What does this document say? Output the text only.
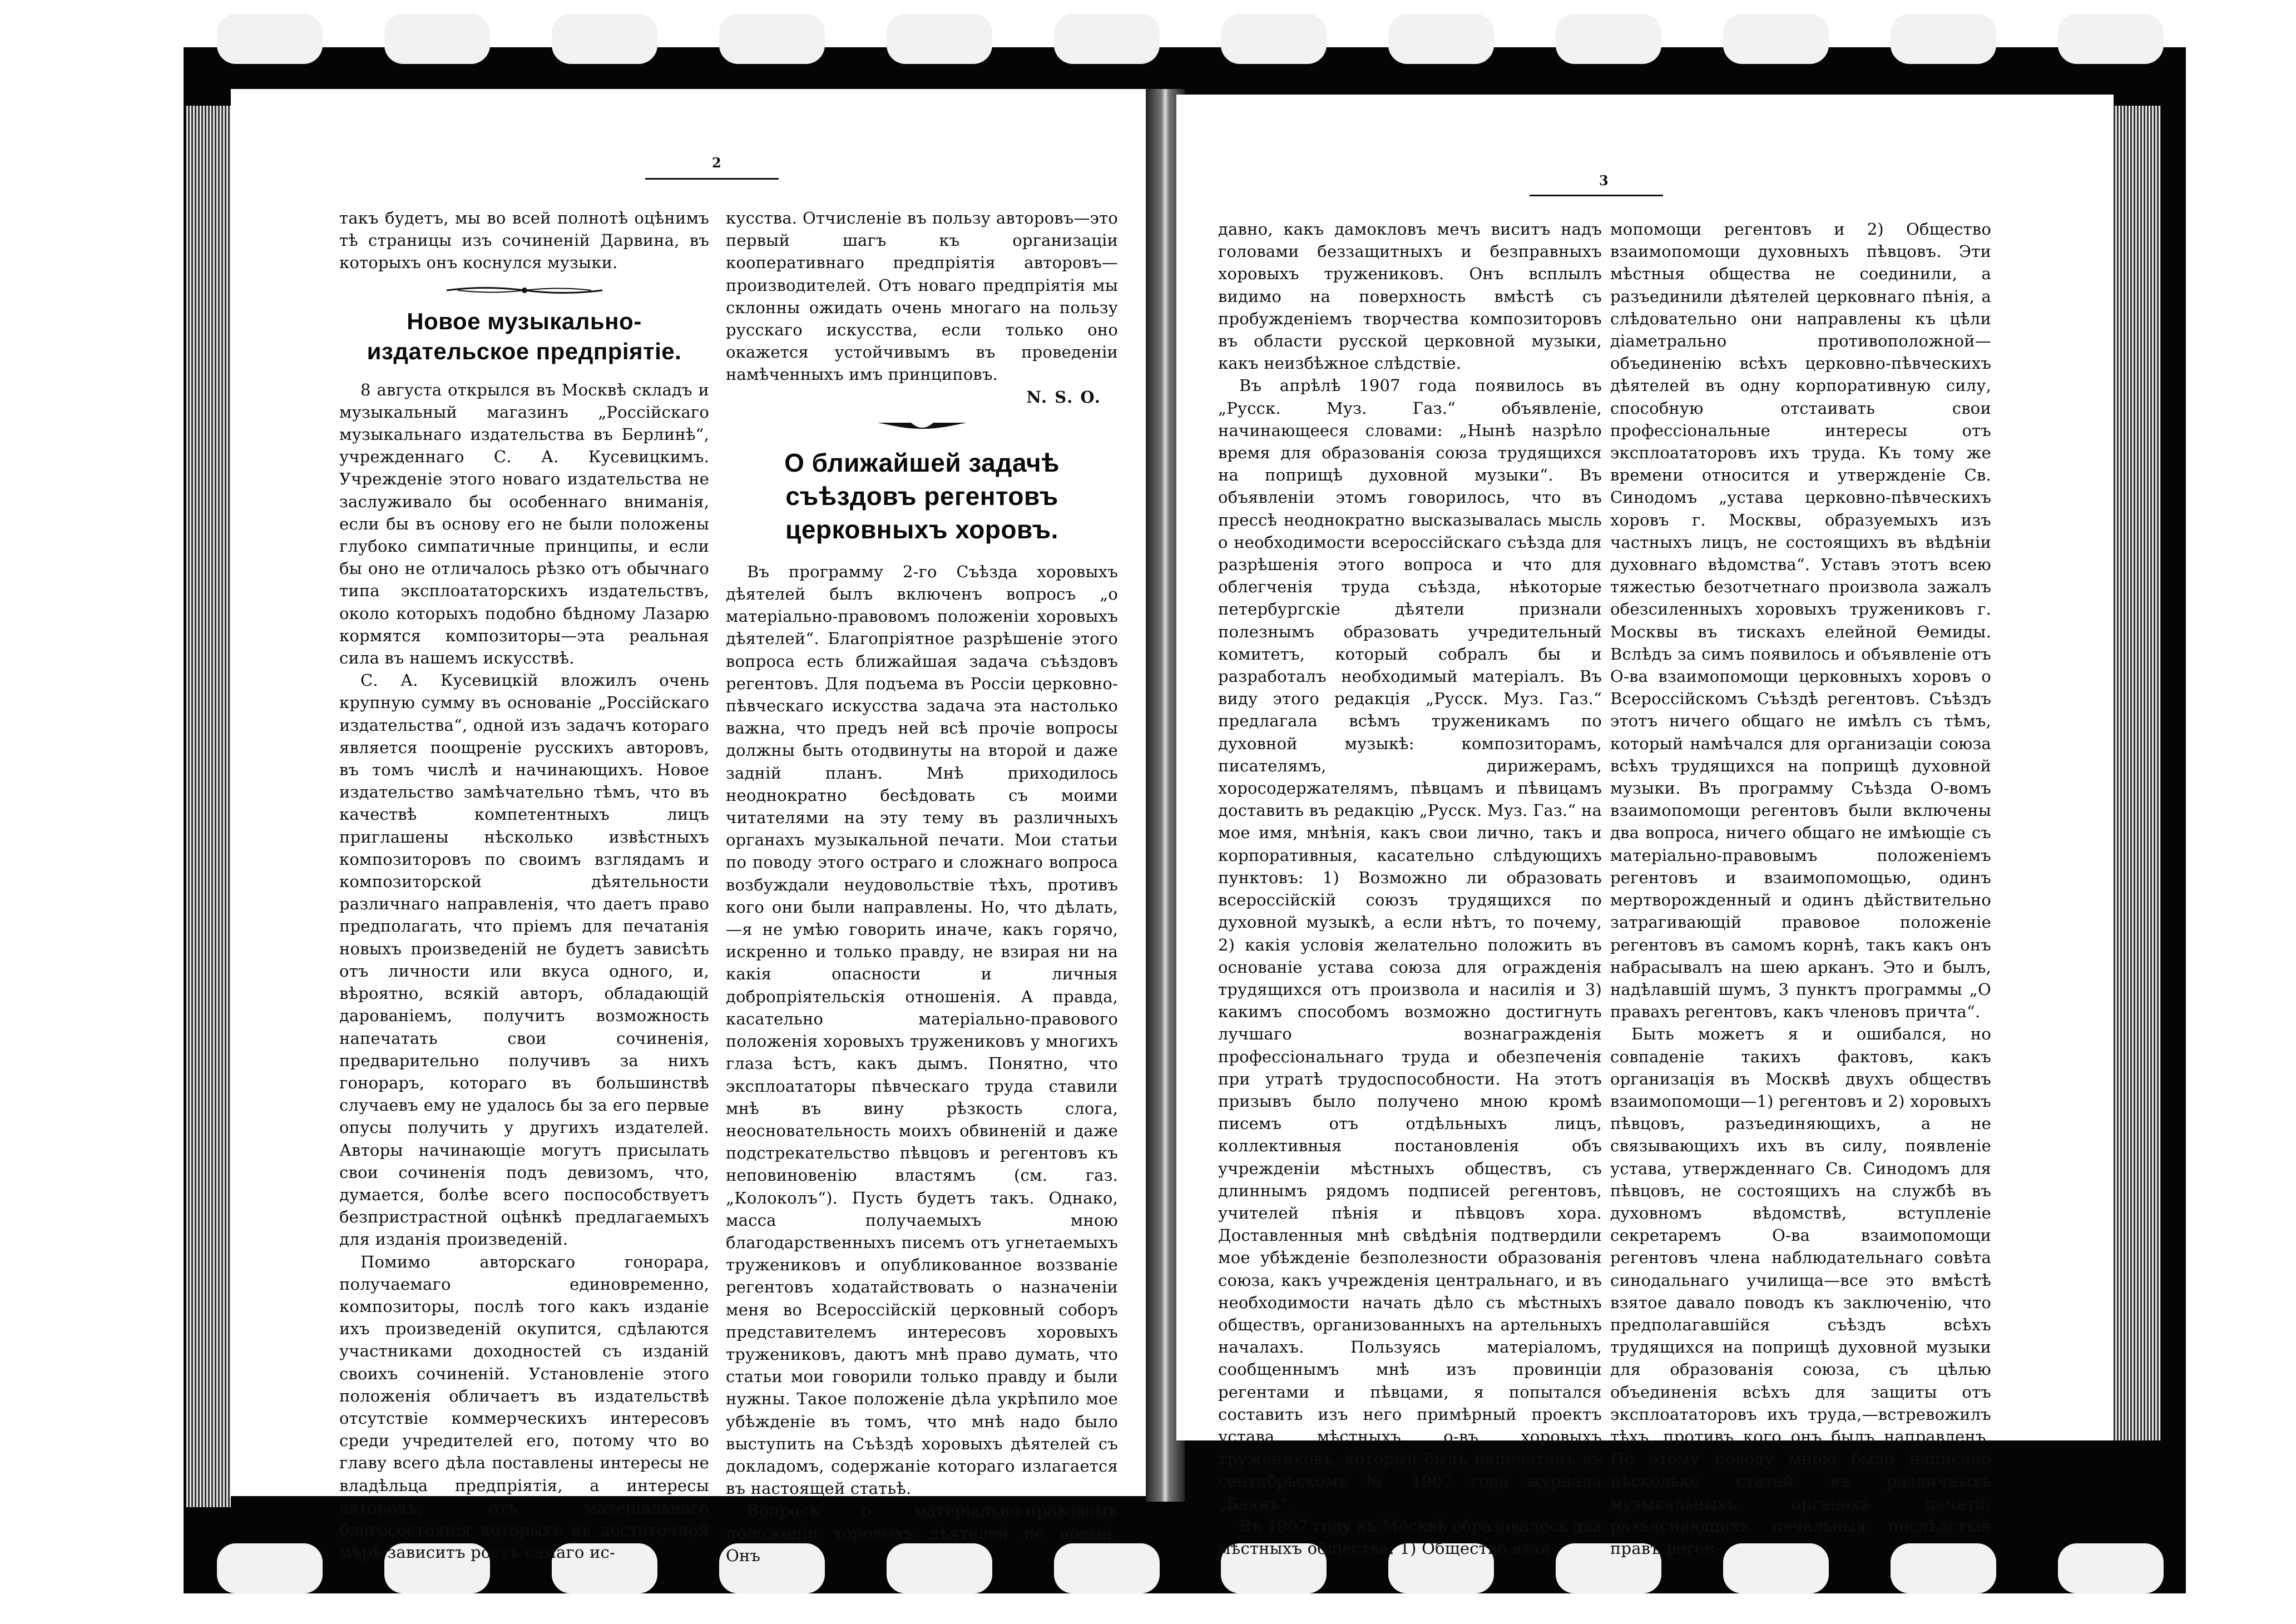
2

такъ будетъ, мы во всей полнотѣ оцѣнимъ тѣ страницы изъ сочиненій Дарвина, въ которыхъ онъ коснулся музыки.

Новое музыкально-издательское предпріятіе.

8 августа открылся въ Москвѣ складъ и музыкальный магазинъ „Россійскаго музыкальнаго издательства въ Берлинѣ“, учрежденнаго С. А. Кусевицкимъ. Учрежденіе этого новаго издательства не заслуживало бы особеннаго вниманія, если бы въ основу его не были положены глубоко симпатичные принципы, и если бы оно не отличалось рѣзко отъ обычнаго типа эксплоататорскихъ издательствъ, около которыхъ подобно бѣдному Лазарю кормятся композиторы—эта реальная сила въ нашемъ искусствѣ.

С. А. Кусевицкій вложилъ очень крупную сумму въ основаніе „Россійскаго издательства“, одной изъ задачъ котораго является поощреніе русскихъ авторовъ, въ томъ числѣ и начинающихъ. Новое издательство замѣчательно тѣмъ, что въ качествѣ компетентныхъ лицъ приглашены нѣсколько извѣстныхъ композиторовъ по своимъ взглядамъ и композиторской дѣятельности различнаго направленія, что даетъ право предполагать, что пріемъ для печатанія новыхъ произведеній не будетъ зависѣть отъ личности или вкуса одного, и, вѣроятно, всякій авторъ, обладающій дарованіемъ, получитъ возможность напечатать свои сочиненія, предварительно получивъ за нихъ гонораръ, котораго въ большинствѣ случаевъ ему не удалось бы за его первые опусы получить у другихъ издателей. Авторы начинающіе могутъ присылать свои сочиненія подъ девизомъ, что, думается, болѣе всего поспособствуетъ безпристрастной оцѣнкѣ предлагаемыхъ для изданія произведеній.

Помимо авторскаго гонорара, получаемаго единовременно, композиторы, послѣ того какъ изданіе ихъ произведеній окупится, сдѣлаются участниками доходностей съ изданій своихъ сочиненій. Установленіе этого положенія обличаетъ въ издательствѣ отсутствіе коммерческихъ интересовъ среди учредителей его, потому что во главу всего дѣла поставлены интересы не владѣльца предпріятія, а интересы авторовъ, отъ матеріальнаго благосостоянія которыхъ въ достаточной мѣрѣ зависитъ ростъ самаго ис-

кусства. Отчисленіе въ пользу авторовъ—это первый шагъ къ организаціи кооперативнаго предпріятія авторовъ—производителей. Отъ новаго предпріятія мы склонны ожидать очень многаго на пользу русскаго искусства, если только оно окажется устойчивымъ въ проведеніи намѣченныхъ имъ принциповъ.

N. S. O.
О ближайшей задачѣ съѣздовъ регентовъ церковныхъ хоровъ.

Въ программу 2-го Съѣзда хоровыхъ дѣятелей былъ включенъ вопросъ „о матеріально-правовомъ положеніи хоровыхъ дѣятелей“. Благопріятное разрѣшеніе этого вопроса есть ближайшая задача съѣздовъ регентовъ. Для подъема въ Россіи церковно-пѣвческаго искусства задача эта настолько важна, что предъ ней всѣ прочіе вопросы должны быть отодвинуты на второй и даже задній планъ. Мнѣ приходилось неоднократно бесѣдовать съ моими читателями на эту тему въ различныхъ органахъ музыкальной печати. Мои статьи по поводу этого остраго и сложнаго вопроса возбуждали неудовольствіе тѣхъ, противъ кого они были направлены. Но, что дѣлать,—я не умѣю говорить иначе, какъ горячо, искренно и только правду, не взирая ни на какія опасности и личныя добропріятельскія отношенія. А правда, касательно матеріально-правового положенія хоровыхъ тружениковъ у многихъ глаза ѣстъ, какъ дымъ. Понятно, что эксплоататоры пѣвческаго труда ставили мнѣ въ вину рѣзкость слога, неосновательность моихъ обвиненій и даже подстрекательство пѣвцовъ и регентовъ къ неповиновенію властямъ (см. газ. „Колоколъ“). Пусть будетъ такъ. Однако, масса получаемыхъ мною благодарственныхъ писемъ отъ угнетаемыхъ тружениковъ и опубликованное воззваніе регентовъ ходатайствовать о назначеніи меня во Всероссійскій церковный соборъ представителемъ интересовъ хоровыхъ тружениковъ, даютъ мнѣ право думать, что статьи мои говорили только правду и были нужны. Такое положеніе дѣла укрѣпило мое убѣжденіе въ томъ, что мнѣ надо было выступить на Съѣздѣ хоровыхъ дѣятелей съ докладомъ, содержаніе котораго излагается въ настоящей статьѣ.

Вопросъ о матеріально-правовомъ положеніи хоровыхъ дѣятелей не новый. Онъ

3

давно, какъ дамокловъ мечъ виситъ надъ головами беззащитныхъ и безправныхъ хоровыхъ тружениковъ. Онъ всплылъ видимо на поверхность вмѣстѣ съ пробужденіемъ творчества композиторовъ въ области русской церковной музыки, какъ неизбѣжное слѣдствіе.

Въ апрѣлѣ 1907 года появилось въ „Русск. Муз. Газ.“ объявленіе, начинающееся словами: „Нынѣ назрѣло время для образованія союза трудящихся на поприщѣ духовной музыки“. Въ объявленіи этомъ говорилось, что въ прессѣ неоднократно высказывалась мысль о необходимости всероссійскаго съѣзда для разрѣшенія этого вопроса и что для облегченія труда съѣзда, нѣкоторые петербургскіе дѣятели признали полезнымъ образовать учредительный комитетъ, который собралъ бы и разработалъ необходимый матеріалъ. Въ виду этого редакція „Русск. Муз. Газ.“ предлагала всѣмъ труженикамъ по духовной музыкѣ: композиторамъ, писателямъ, дирижерамъ, хоросодержателямъ, пѣвцамъ и пѣвицамъ доставить въ редакцію „Русск. Муз. Газ.“ на мое имя, мнѣнія, какъ свои лично, такъ и корпоративныя, касательно слѣдующихъ пунктовъ: 1) Возможно ли образовать всероссійскій союзъ трудящихся по духовной музыкѣ, а если нѣтъ, то почему, 2) какія условія желательно положить въ основаніе устава союза для огражденія трудящихся отъ произвола и насилія и 3) какимъ способомъ возможно достигнуть лучшаго вознагражденія профессіональнаго труда и обезпеченія при утратѣ трудоспособности. На этотъ призывъ было получено мною кромѣ писемъ отъ отдѣльныхъ лицъ, коллективныя постановленія объ учрежденіи мѣстныхъ обществъ, съ длиннымъ рядомъ подписей регентовъ, учителей пѣнія и пѣвцовъ хора. Доставленныя мнѣ свѣдѣнія подтвердили мое убѣжденіе безполезности образованія союза, какъ учрежденія центральнаго, и въ необходимости начать дѣло съ мѣстныхъ обществъ, организованныхъ на артельныхъ началахъ. Пользуясь матеріаломъ, сообщеннымъ мнѣ изъ провинціи регентами и пѣвцами, я попытался составить изъ него примѣрный проектъ устава мѣстныхъ о-въ хоровыхъ тружениковъ, который былъ напечатанъ въ сентябрьскомъ № 1907 года журнала „Баянъ“.

Въ 1907 году въ Москвѣ образовалось два мѣстныхъ общества: 1) Общество взаи-

мопомощи регентовъ и 2) Общество взаимопомощи духовныхъ пѣвцовъ. Эти мѣстныя общества не соединили, а разъединили дѣятелей церковнаго пѣнія, а слѣдовательно они направлены къ цѣли діаметрально противоположной—объединенію всѣхъ церковно-пѣвческихъ дѣятелей въ одну корпоративную силу, способную отстаивать свои профессіональные интересы отъ эксплоататоровъ ихъ труда. Къ тому же времени относится и утвержденіе Св. Синодомъ „устава церковно-пѣвческихъ хоровъ г. Москвы, образуемыхъ изъ частныхъ лицъ, не состоящихъ въ вѣдѣніи духовнаго вѣдомства“. Уставъ этотъ всею тяжестью безотчетнаго произвола зажалъ обезсиленныхъ хоровыхъ тружениковъ г. Москвы въ тискахъ елейной Ѳемиды. Вслѣдъ за симъ появилось и объявленіе отъ О-ва взаимопомощи церковныхъ хоровъ о Всероссійскомъ Съѣздѣ регентовъ. Съѣздъ этотъ ничего общаго не имѣлъ съ тѣмъ, который намѣчался для организаціи союза всѣхъ трудящихся на поприщѣ духовной музыки. Въ программу Съѣзда О-вомъ взаимопомощи регентовъ были включены два вопроса, ничего общаго не имѣющіе съ матеріально-правовымъ положеніемъ регентовъ и взаимопомощью, одинъ мертворожденный и одинъ дѣйствительно затрагивающій правовое положеніе регентовъ въ самомъ корнѣ, такъ какъ онъ набрасывалъ на шею арканъ. Это и былъ, надѣлавшій шумъ, 3 пунктъ программы „О правахъ регентовъ, какъ членовъ причта“.

Быть можетъ я и ошибался, но совпаденіе такихъ фактовъ, какъ организація въ Москвѣ двухъ обществъ взаимопомощи—1) регентовъ и 2) хоровыхъ пѣвцовъ, разъединяющихъ, а не связывающихъ ихъ въ силу, появленіе устава, утвержденнаго Св. Синодомъ для пѣвцовъ, не состоящихъ на службѣ въ духовномъ вѣдомствѣ, вступленіе секретаремъ О-ва взаимопомощи регентовъ члена наблюдательнаго совѣта синодальнаго училища—все это вмѣстѣ взятое давало поводъ къ заключенію, что предполагавшійся съѣздъ всѣхъ трудящихся на поприщѣ духовной музыки для образованія союза, съ цѣлью объединенія всѣхъ для защиты отъ эксплоататоровъ ихъ труда,—встревожилъ тѣхъ, противъ кого онъ былъ направленъ. По этому поводу мною было написано нѣсколько статей въ различныхъ музыкальныхъ органахъ печати, разъясняющихъ печальныя послѣдствія правъ реген-
